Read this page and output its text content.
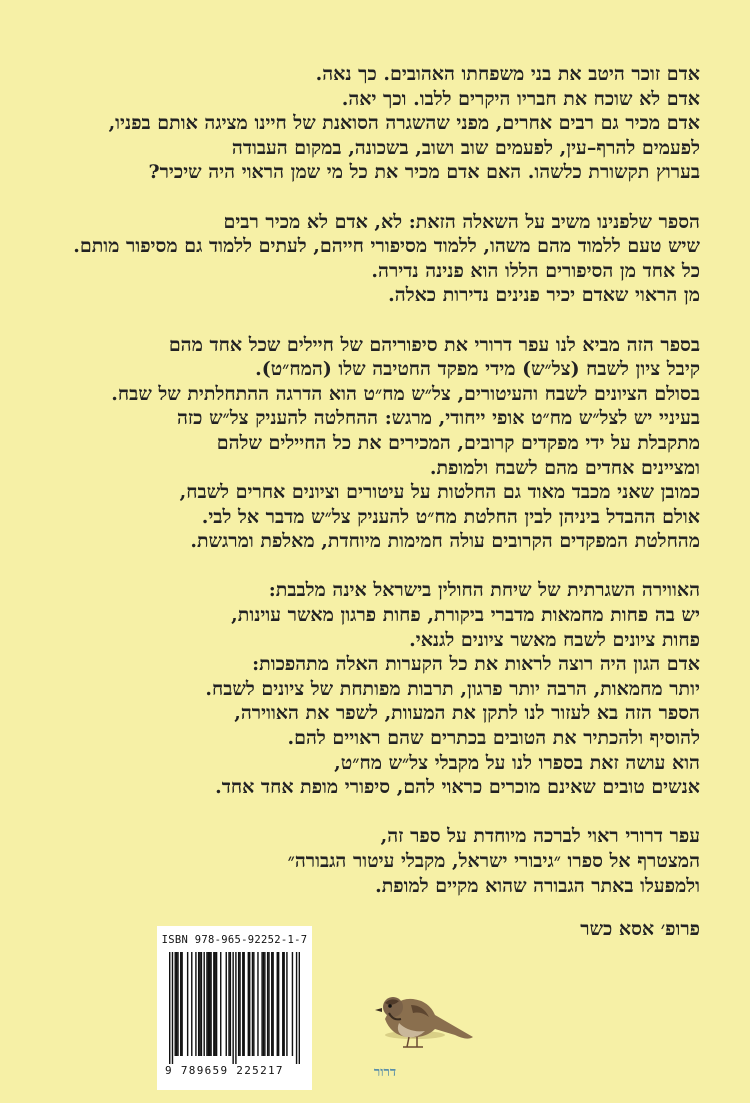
אדם זוכר היטב את בני משפחתו האהובים. כך נאה.
אדם לא שוכח את חבריו היקרים ללבו. וכך יאה.
אדם מכיר גם רבים אחרים, מפני שהשגרה הסואנת של חיינו מציגה אותם בפניו,
לפעמים להרף–עין, לפעמים שוב ושוב, בשכונה, במקום העבודה
בערוץ תקשורת כלשהו. האם אדם מכיר את כל מי שמן הראוי היה שיכיר?
הספר שלפנינו משיב על השאלה הזאת: לא, אדם לא מכיר רבים
שיש טעם ללמוד מהם משהו, ללמוד מסיפורי חייהם, לעתים ללמוד גם מסיפור מותם.
כל אחד מן הסיפורים הללו הוא פנינה נדירה.
מן הראוי שאדם יכיר פנינים נדירות כאלה.
בספר הזה מביא לנו עפר דרורי את סיפוריהם של חיילים שכל אחד מהם
קיבל ציון לשבח (צל״ש) מידי מפקד החטיבה שלו (המח״ט).
בסולם הציונים לשבח והעיטורים, צל״ש מח״ט הוא הדרגה ההתחלתית של שבח.
בעיניי יש לצל״ש מח״ט אופי ייחודי, מרגש: ההחלטה להעניק צל״ש כזה
מתקבלת על ידי מפקדים קרובים, המכירים את כל החיילים שלהם
ומציינים אחדים מהם לשבח ולמופת.
כמובן שאני מכבד מאוד גם החלטות על עיטורים וציונים אחרים לשבח,
אולם ההבדל ביניהן לבין החלטת מח״ט להעניק צל״ש מדבר אל לבי.
מהחלטת המפקדים הקרובים עולה חמימות מיוחדת, מאלפת ומרגשת.
האווירה השגרתית של שיחת החולין בישראל אינה מלבבת:
יש בה פחות מחמאות מדברי ביקורת, פחות פרגון מאשר עוינות,
פחות ציונים לשבח מאשר ציונים לגנאי.
אדם הגון היה רוצה לראות את כל הקערות האלה מתהפכות:
יותר מחמאות, הרבה יותר פרגון, תרבות מפותחת של ציונים לשבח.
הספר הזה בא לעזור לנו לתקן את המעוות, לשפר את האווירה,
להוסיף ולהכתיר את הטובים בכתרים שהם ראויים להם.
הוא עושה זאת בספרו לנו על מקבלי צל״ש מח״ט,
אנשים טובים שאינם מוכרים כראוי להם, סיפורי מופת אחד אחד.
עפר דרורי ראוי לברכה מיוחדת על ספר זה,
המצטרף אל ספרו ״גיבורי ישראל, מקבלי עיטור הגבורה״
ולמפעלו באתר הגבורה שהוא מקיים למופת.
פרופ׳ אסא כשר
ISBN 978-965-92252-1-7
9 789659 225217	דרור
